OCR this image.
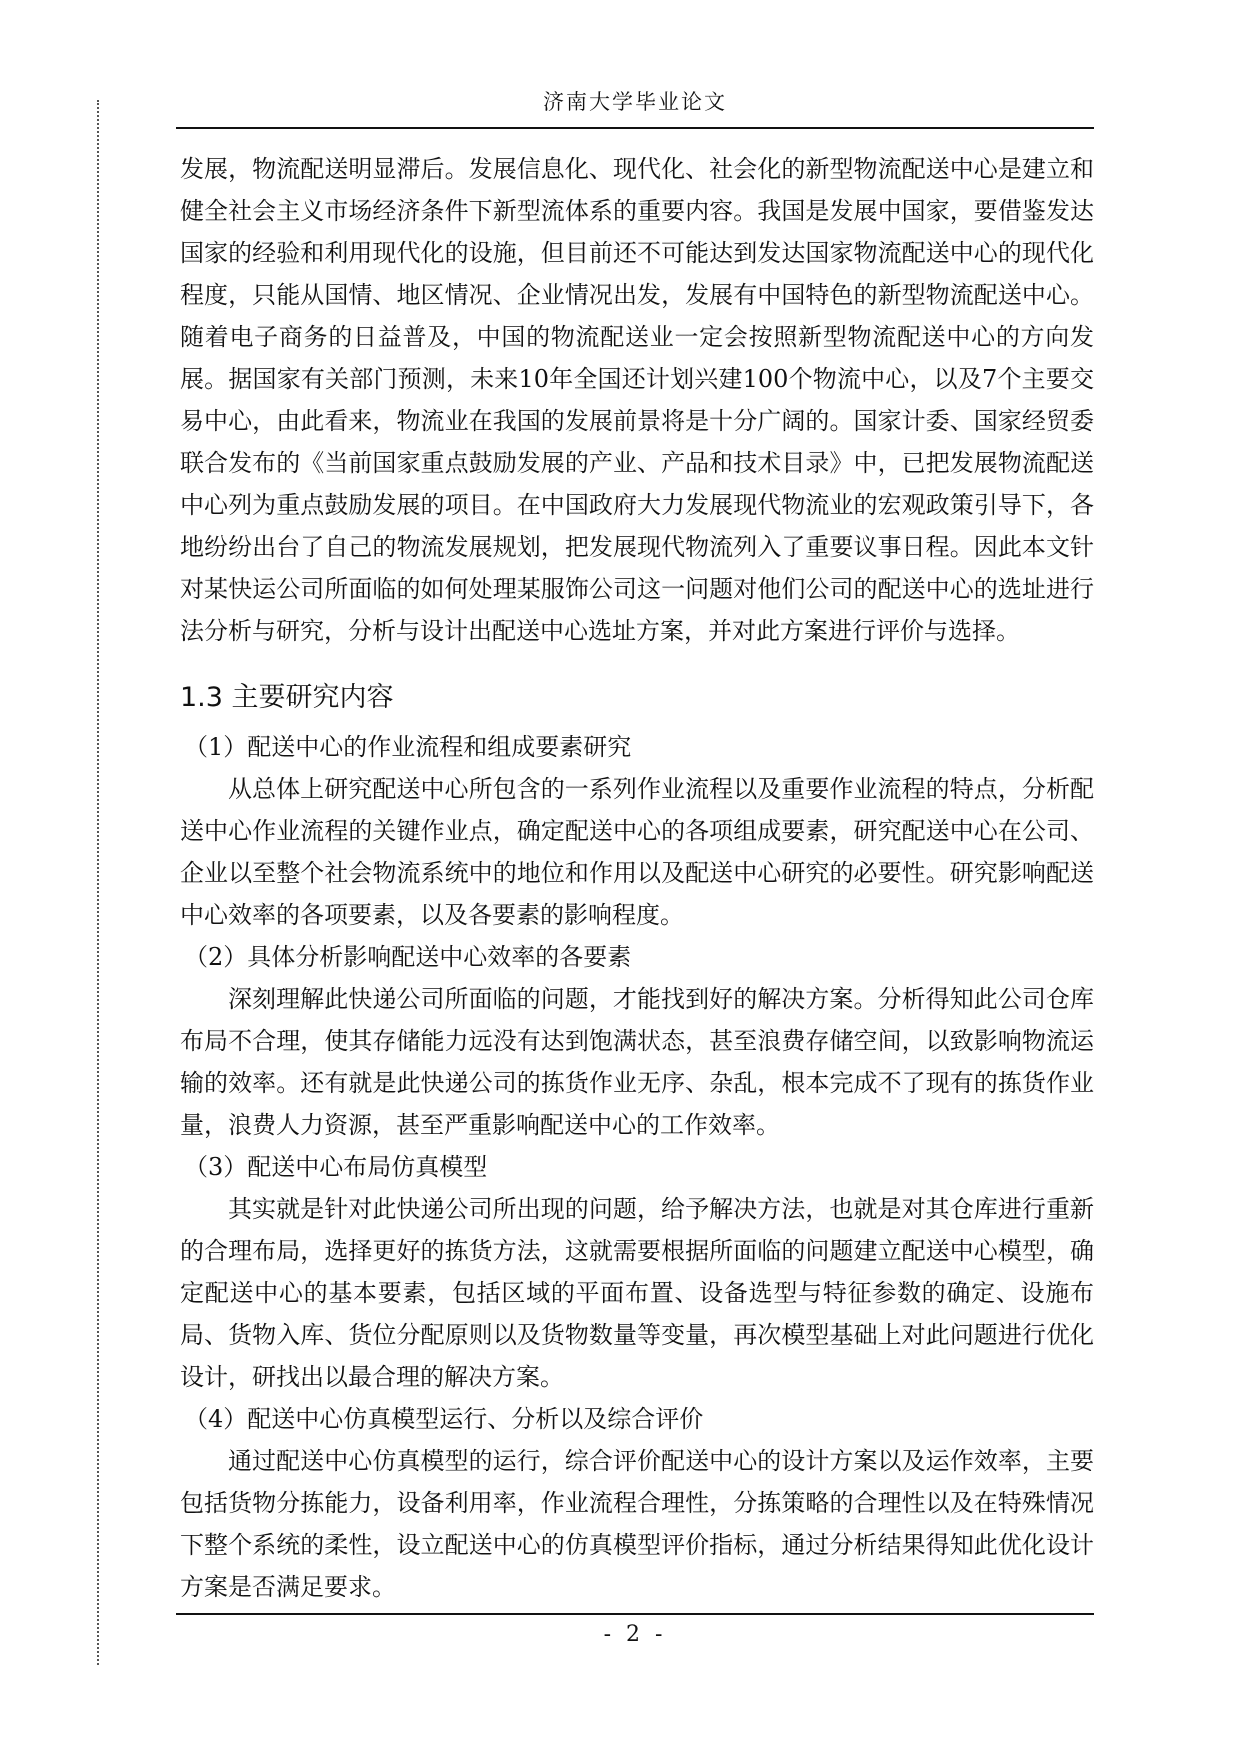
济南大学毕业论文

发展，物流配送明显滞后。发展信息化、现代化、社会化的新型物流配送中心是建立和健全社会主义市场经济条件下新型流体系的重要内容。我国是发展中国家，要借鉴发达国家的经验和利用现代化的设施，但目前还不可能达到发达国家物流配送中心的现代化程度，只能从国情、地区情况、企业情况出发，发展有中国特色的新型物流配送中心。随着电子商务的日益普及，中国的物流配送业一定会按照新型物流配送中心的方向发展。据国家有关部门预测，未来10年全国还计划兴建100个物流中心，以及7个主要交易中心，由此看来，物流业在我国的发展前景将是十分广阔的。国家计委、国家经贸委联合发布的《当前国家重点鼓励发展的产业、产品和技术目录》中，已把发展物流配送中心列为重点鼓励发展的项目。在中国政府大力发展现代物流业的宏观政策引导下，各地纷纷出台了自己的物流发展规划，把发展现代物流列入了重要议事日程。因此本文针对某快运公司所面临的如何处理某服饰公司这一问题对他们公司的配送中心的选址进行法分析与研究，分析与设计出配送中心选址方案，并对此方案进行评价与选择。

1.3 主要研究内容

（1）配送中心的作业流程和组成要素研究

从总体上研究配送中心所包含的一系列作业流程以及重要作业流程的特点，分析配送中心作业流程的关键作业点，确定配送中心的各项组成要素，研究配送中心在公司、企业以至整个社会物流系统中的地位和作用以及配送中心研究的必要性。研究影响配送中心效率的各项要素，以及各要素的影响程度。

（2）具体分析影响配送中心效率的各要素

深刻理解此快递公司所面临的问题，才能找到好的解决方案。分析得知此公司仓库布局不合理，使其存储能力远没有达到饱满状态，甚至浪费存储空间，以致影响物流运输的效率。还有就是此快递公司的拣货作业无序、杂乱，根本完成不了现有的拣货作业量，浪费人力资源，甚至严重影响配送中心的工作效率。

（3）配送中心布局仿真模型

其实就是针对此快递公司所出现的问题，给予解决方法，也就是对其仓库进行重新的合理布局，选择更好的拣货方法，这就需要根据所面临的问题建立配送中心模型，确定配送中心的基本要素，包括区域的平面布置、设备选型与特征参数的确定、设施布局、货物入库、货位分配原则以及货物数量等变量，再次模型基础上对此问题进行优化设计，研找出以最合理的解决方案。

（4）配送中心仿真模型运行、分析以及综合评价

通过配送中心仿真模型的运行，综合评价配送中心的设计方案以及运作效率，主要包括货物分拣能力，设备利用率，作业流程合理性，分拣策略的合理性以及在特殊情况下整个系统的柔性，设立配送中心的仿真模型评价指标，通过分析结果得知此优化设计方案是否满足要求。

- 2 -
